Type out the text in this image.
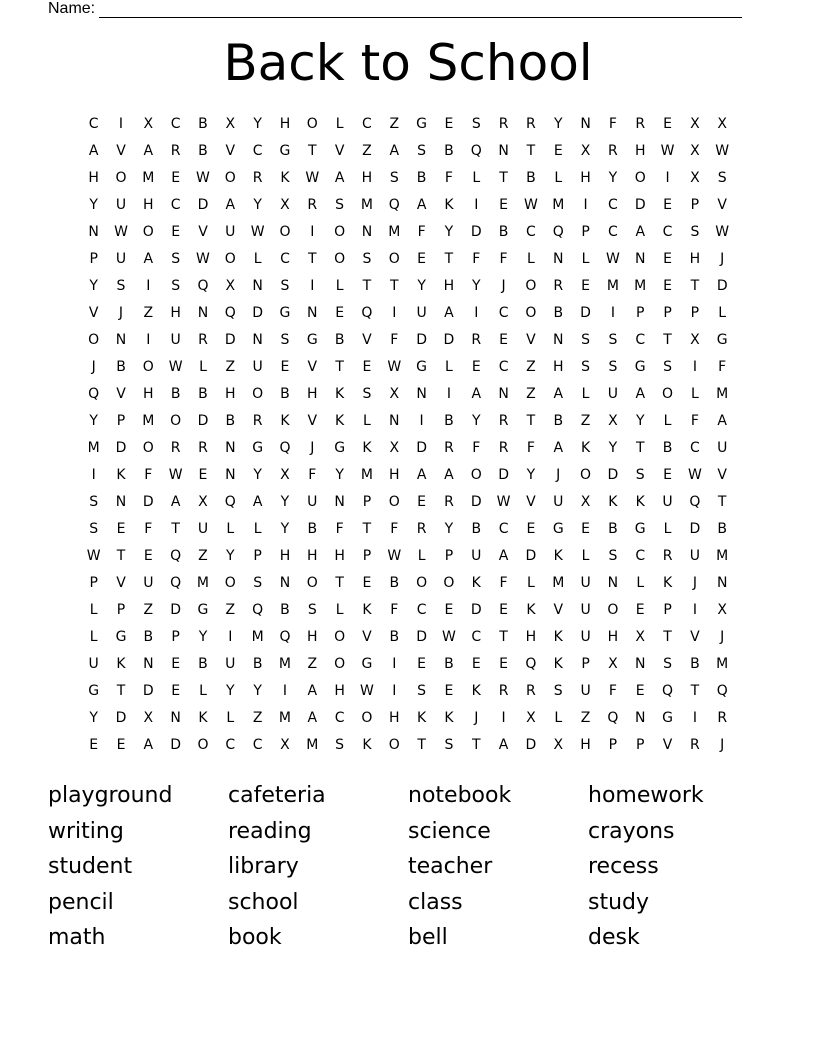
Name:
Back to School
C	I	X	C	B	X	Y	H	O	L	C	Z	G	E	S	R	R	Y	N	F	R	E	X	X
A	V	A	R	B	V	C	G	T	V	Z	A	S	B	Q	N	T	E	X	R	H	W	X	W
H	O	M	E	W	O	R	K	W	A	H	S	B	F	L	T	B	L	H	Y	O	I	X	S
Y	U	H	C	D	A	Y	X	R	S	M	Q	A	K	I	E	W	M	I	C	D	E	P	V
N	W	O	E	V	U	W	O	I	O	N	M	F	Y	D	B	C	Q	P	C	A	C	S	W
P	U	A	S	W	O	L	C	T	O	S	O	E	T	F	F	L	N	L	W	N	E	H	J
Y	S	I	S	Q	X	N	S	I	L	T	T	Y	H	Y	J	O	R	E	M	M	E	T	D
V	J	Z	H	N	Q	D	G	N	E	Q	I	U	A	I	C	O	B	D	I	P	P	P	L
O	N	I	U	R	D	N	S	G	B	V	F	D	D	R	E	V	N	S	S	C	T	X	G
J	B	O	W	L	Z	U	E	V	T	E	W	G	L	E	C	Z	H	S	S	G	S	I	F
Q	V	H	B	B	H	O	B	H	K	S	X	N	I	A	N	Z	A	L	U	A	O	L	M
Y	P	M	O	D	B	R	K	V	K	L	N	I	B	Y	R	T	B	Z	X	Y	L	F	A
M	D	O	R	R	N	G	Q	J	G	K	X	D	R	F	R	F	A	K	Y	T	B	C	U
I	K	F	W	E	N	Y	X	F	Y	M	H	A	A	O	D	Y	J	O	D	S	E	W	V
S	N	D	A	X	Q	A	Y	U	N	P	O	E	R	D	W	V	U	X	K	K	U	Q	T
S	E	F	T	U	L	L	Y	B	F	T	F	R	Y	B	C	E	G	E	B	G	L	D	B
W	T	E	Q	Z	Y	P	H	H	H	P	W	L	P	U	A	D	K	L	S	C	R	U	M
P	V	U	Q	M	O	S	N	O	T	E	B	O	O	K	F	L	M	U	N	L	K	J	N
L	P	Z	D	G	Z	Q	B	S	L	K	F	C	E	D	E	K	V	U	O	E	P	I	X
L	G	B	P	Y	I	M	Q	H	O	V	B	D	W	C	T	H	K	U	H	X	T	V	J
U	K	N	E	B	U	B	M	Z	O	G	I	E	B	E	E	Q	K	P	X	N	S	B	M
G	T	D	E	L	Y	Y	I	A	H	W	I	S	E	K	R	R	S	U	F	E	Q	T	Q
Y	D	X	N	K	L	Z	M	A	C	O	H	K	K	J	I	X	L	Z	Q	N	G	I	R
E	E	A	D	O	C	C	X	M	S	K	O	T	S	T	A	D	X	H	P	P	V	R	J
playground	cafeteria	notebook	homework
writing	reading	science	crayons
student	library	teacher	recess
pencil	school	class	study
math	book	bell	desk
